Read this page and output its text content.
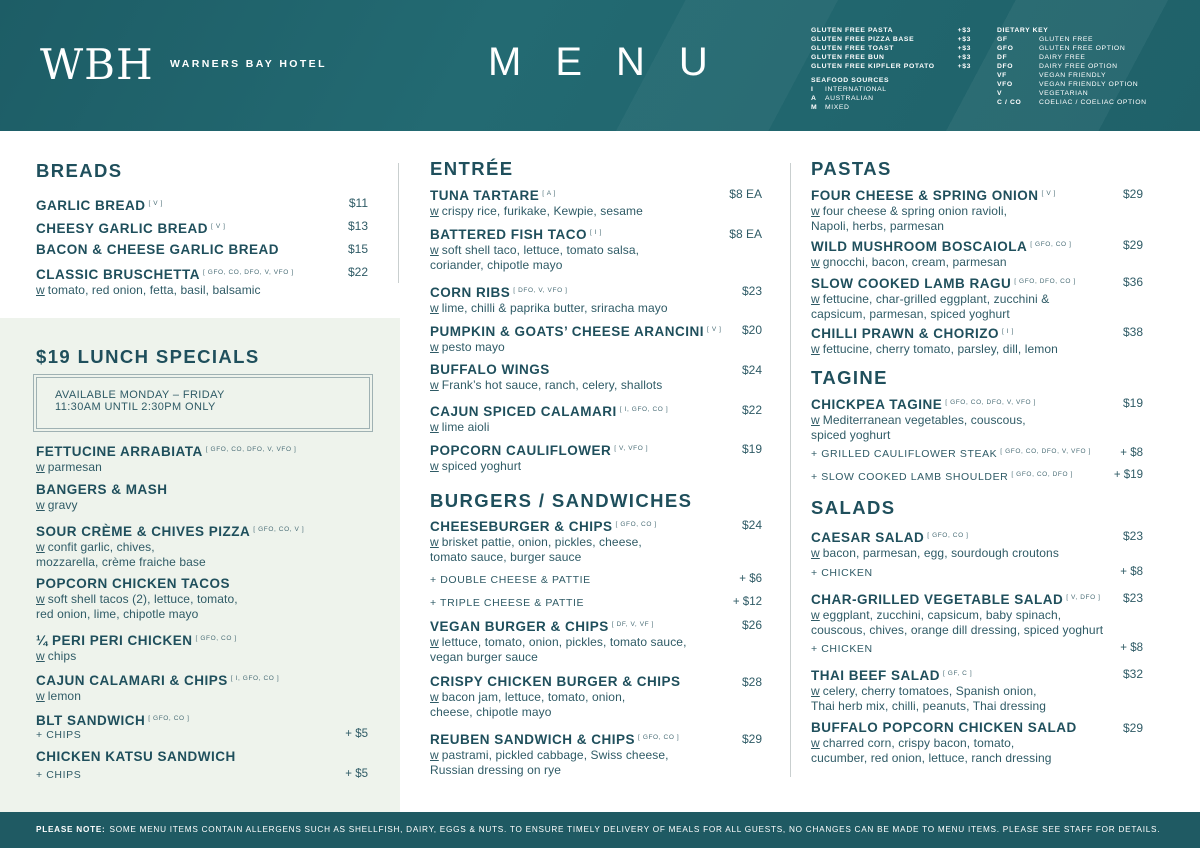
WBH WARNERS BAY HOTEL	MENU
GLUTEN FREE PASTA	+$3
GLUTEN FREE PIZZA BASE	+$3
GLUTEN FREE TOAST	+$3
GLUTEN FREE BUN	+$3
GLUTEN FREE KIPFLER POTATO	+$3
SEAFOOD SOURCES
I	INTERNATIONAL
A	AUSTRALIAN
M	MIXED
DIETARY KEY
GF	GLUTEN FREE
GFO	GLUTEN FREE OPTION
DF	DAIRY FREE
DFO	DAIRY FREE OPTION
VF	VEGAN FRIENDLY
VFO	VEGAN FRIENDLY OPTION
V	VEGETARIAN
C / CO	COELIAC / COELIAC OPTION
BREADS
GARLIC BREAD [ V ]	$11
CHEESY GARLIC BREAD [ V ]	$13
BACON & CHEESE GARLIC BREAD	$15
CLASSIC BRUSCHETTA [ GFO, CO, DFO, V, VFO ]
w tomato, red onion, fetta, basil, balsamic
$22
$19 LUNCH SPECIALS
AVAILABLE MONDAY – FRIDAY
11:30AM UNTIL 2:30PM ONLY
FETTUCINE ARRABIATA [ GFO, CO, DFO, V, VFO ]
w parmesan
BANGERS & MASH
w gravy
SOUR CRÈME & CHIVES PIZZA [ GFO, CO, V ]
w confit garlic, chives,
mozzarella, crème fraiche base
POPCORN CHICKEN TACOS
w soft shell tacos (2), lettuce, tomato,
red onion, lime, chipotle mayo
¼ PERI PERI CHICKEN [ GFO, CO ]
w chips
CAJUN CALAMARI & CHIPS [ I, GFO, CO ]
w lemon
BLT SANDWICH [ GFO, CO ]
+ CHIPS	+ $5
CHICKEN KATSU SANDWICH
+ CHIPS	+ $5
ENTRÉE
TUNA TARTARE [ A ]
w crispy rice, furikake, Kewpie, sesame
$8 EA
BATTERED FISH TACO [ I ]
w soft shell taco, lettuce, tomato salsa,
coriander, chipotle mayo
$8 EA
CORN RIBS [ DFO, V, VFO ]
w lime, chilli & paprika butter, sriracha mayo
$23
PUMPKIN & GOATS’ CHEESE ARANCINI [ V ]
w pesto mayo
$20
BUFFALO WINGS
w Frank’s hot sauce, ranch, celery, shallots
$24
CAJUN SPICED CALAMARI [ I, GFO, CO ]
w lime aioli
$22
POPCORN CAULIFLOWER [ V, VFO ]
w spiced yoghurt
$19
BURGERS / SANDWICHES
CHEESEBURGER & CHIPS [ GFO, CO ]
w brisket pattie, onion, pickles, cheese,
tomato sauce, burger sauce
$24
+ DOUBLE CHEESE & PATTIE	+ $6
+ TRIPLE CHEESE & PATTIE	+ $12
VEGAN BURGER & CHIPS [ DF, V, VF ]
w lettuce, tomato, onion, pickles, tomato sauce,
vegan burger sauce
$26
CRISPY CHICKEN BURGER & CHIPS
w bacon jam, lettuce, tomato, onion,
cheese, chipotle mayo
$28
REUBEN SANDWICH & CHIPS [ GFO, CO ]
w pastrami, pickled cabbage, Swiss cheese,
Russian dressing on rye
$29
PASTAS
FOUR CHEESE & SPRING ONION [ V ]
w four cheese & spring onion ravioli,
Napoli, herbs, parmesan
$29
WILD MUSHROOM BOSCAIOLA [ GFO, CO ]
w gnocchi, bacon, cream, parmesan
$29
SLOW COOKED LAMB RAGU [ GFO, DFO, CO ]
w fettucine, char-grilled eggplant, zucchini &
capsicum, parmesan, spiced yoghurt
$36
CHILLI PRAWN & CHORIZO [ I ]
w fettucine, cherry tomato, parsley, dill, lemon
$38
TAGINE
CHICKPEA TAGINE [ GFO, CO, DFO, V, VFO ]
w Mediterranean vegetables, couscous,
spiced yoghurt
$19
+ GRILLED CAULIFLOWER STEAK [ GFO, CO, DFO, V, VFO ]	+ $8
+ SLOW COOKED LAMB SHOULDER [ GFO, CO, DFO ]	+ $19
SALADS
CAESAR SALAD [ GFO, CO ]
w bacon, parmesan, egg, sourdough croutons
$23
+ CHICKEN	+ $8
CHAR-GRILLED VEGETABLE SALAD [ V, DFO ]
w eggplant, zucchini, capsicum, baby spinach,
couscous, chives, orange dill dressing, spiced yoghurt
$23
+ CHICKEN	+ $8
THAI BEEF SALAD [ GF, C ]
w celery, cherry tomatoes, Spanish onion,
Thai herb mix, chilli, peanuts, Thai dressing
$32
BUFFALO POPCORN CHICKEN SALAD
w charred corn, crispy bacon, tomato,
cucumber, red onion, lettuce, ranch dressing
$29
PLEASE NOTE: SOME MENU ITEMS CONTAIN ALLERGENS SUCH AS SHELLFISH, DAIRY, EGGS & NUTS. TO ENSURE TIMELY DELIVERY OF MEALS FOR ALL GUESTS, NO CHANGES CAN BE MADE TO MENU ITEMS. PLEASE SEE STAFF FOR DETAILS.
